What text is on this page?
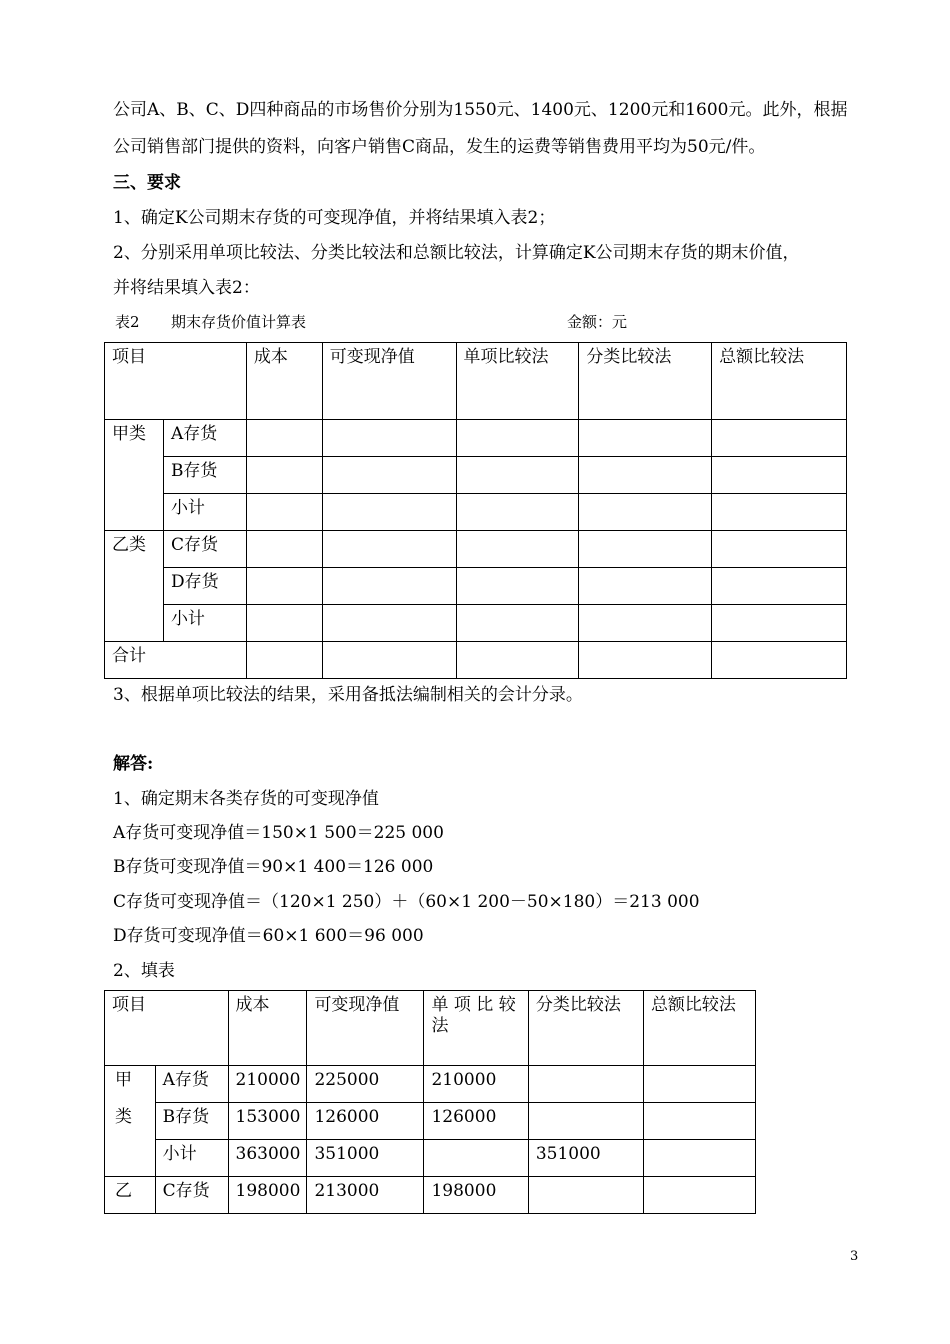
公司A、B、C、D四种商品的市场售价分别为1550元、1400元、1200元和1600元。此外，根据
公司销售部门提供的资料，向客户销售C商品，发生的运费等销售费用平均为50元/件。
三、要求
1、确定K公司期末存货的可变现净值，并将结果填入表2；
2、分别采用单项比较法、分类比较法和总额比较法，计算确定K公司期末存货的期末价值，
并将结果填入表2：
表2 期末存货价值计算表	金额：元
项目		成本	可变现净值	单项比较法	分类比较法	总额比较法
甲类	A存货					
	B存货					
	小计					
乙类	C存货					
	D存货					
	小计					
合计						
3、根据单项比较法的结果，采用备抵法编制相关的会计分录。
解答:
1、确定期末各类存货的可变现净值
A存货可变现净值＝150×1 500＝225 000
B存货可变现净值＝90×1 400＝126 000
C存货可变现净值＝（120×1 250）＋（60×1 200－50×180）＝213 000
D存货可变现净值＝60×1 600＝96 000
2、填表
项目		成本	可变现净值	单 项 比 较
法	分类比较法	总额比较法

甲
类	A存货	210000	225000	210000		
	B存货	153000	126000	126000		
	小计	363000	351000		351000	
乙	C存货	198000	213000	198000		
3
